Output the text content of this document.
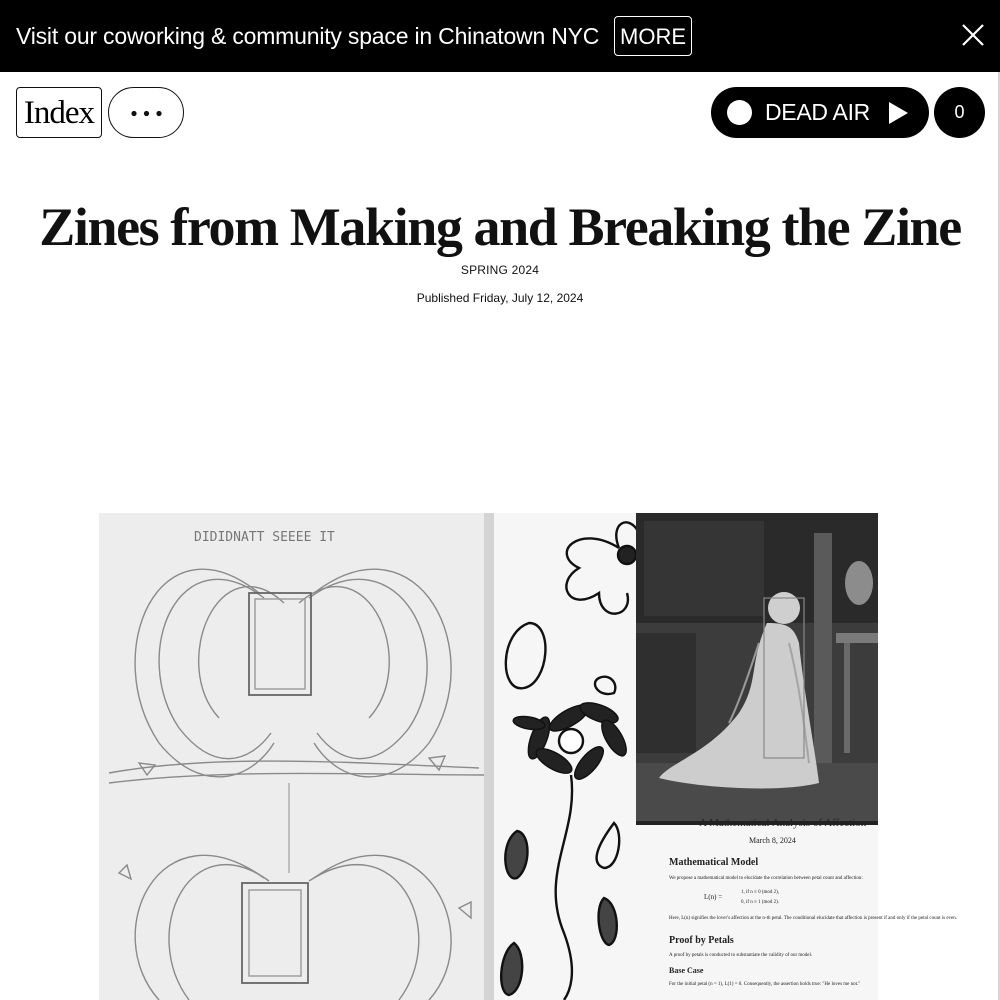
Visit our coworking & community space in Chinatown NYC MORE
Index	DEAD AIR	0
Zines from Making and Breaking the Zine
SPRING 2024
Published Friday, July 12, 2024
DIDIDNATT SEEEE IT
A Mathematical Analysis of Affection
March 8, 2024
Mathematical Model
We propose a mathematical model to elucidate the correlation between petal count and affection:
L(n) =
1, if n ≡ 0 (mod 2),
0, if n ≡ 1 (mod 2).
Here, L(n) signifies the lover's affection at the n-th petal. The conditional elucidate that affection is present if and only if the petal count is even.
Proof by Petals
A proof by petals is conducted to substantiate the validity of our model.
Base Case
For the initial petal (n = 1), L(1) = 0. Consequently, the assertion holds true: "He loves me not."
